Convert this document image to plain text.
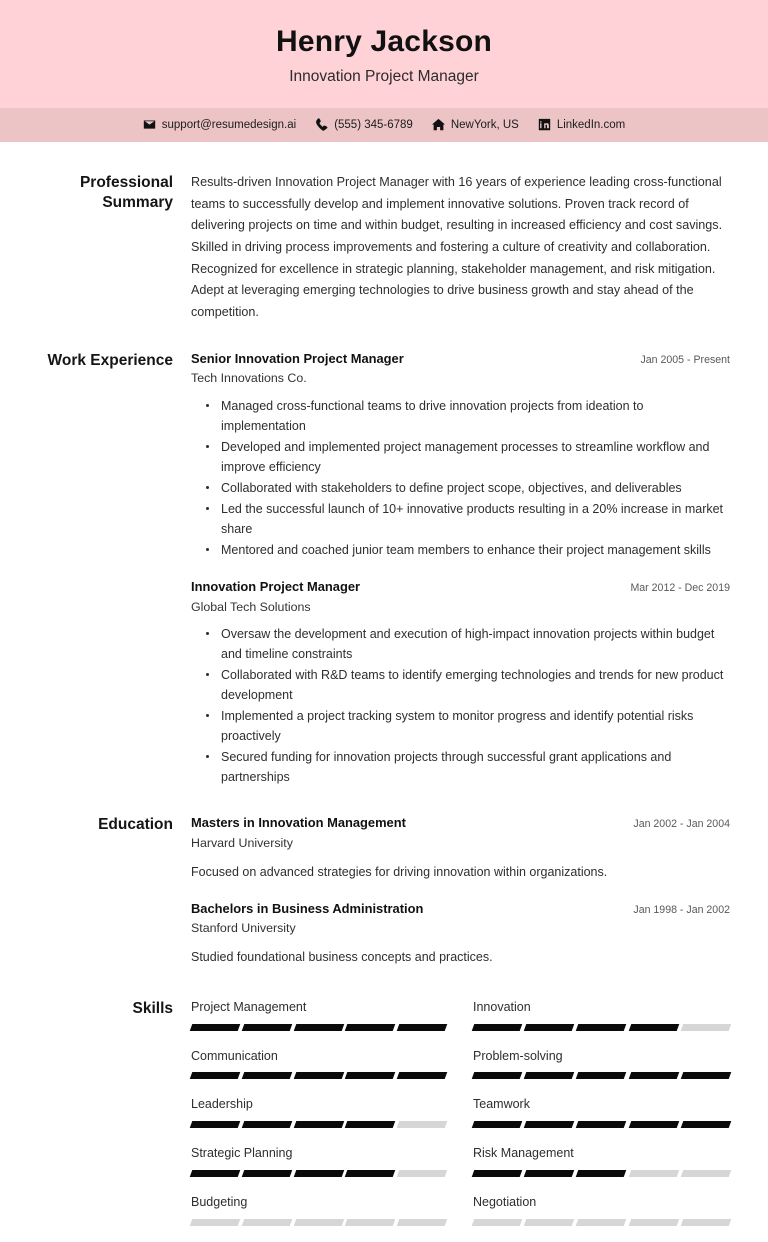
Henry Jackson
Innovation Project Manager
support@resumedesign.ai	(555) 345-6789	NewYork, US	LinkedIn.com
Professional Summary
Results-driven Innovation Project Manager with 16 years of experience leading cross-functional teams to successfully develop and implement innovative solutions. Proven track record of delivering projects on time and within budget, resulting in increased efficiency and cost savings. Skilled in driving process improvements and fostering a culture of creativity and collaboration. Recognized for excellence in strategic planning, stakeholder management, and risk mitigation. Adept at leveraging emerging technologies to drive business growth and stay ahead of the competition.
Work Experience Senior Innovation Project Manager	Jan 2005 - Present
Tech Innovations Co.
Managed cross-functional teams to drive innovation projects from ideation to implementation
Developed and implemented project management processes to streamline workflow and improve efficiency
Collaborated with stakeholders to define project scope, objectives, and deliverables
Led the successful launch of 10+ innovative products resulting in a 20% increase in market share
Mentored and coached junior team members to enhance their project management skills
Innovation Project Manager	Mar 2012 - Dec 2019
Global Tech Solutions
Oversaw the development and execution of high-impact innovation projects within budget and timeline constraints
Collaborated with R&D teams to identify emerging technologies and trends for new product development
Implemented a project tracking system to monitor progress and identify potential risks proactively
Secured funding for innovation projects through successful grant applications and partnerships
Education Masters in Innovation Management	Jan 2002 - Jan 2004
Harvard University
Focused on advanced strategies for driving innovation within organizations.
Bachelors in Business Administration	Jan 1998 - Jan 2002
Stanford University
Studied foundational business concepts and practices.
Skills Project Management	Innovation
Communication	Problem-solving
Leadership	Teamwork
Strategic Planning	Risk Management
Budgeting	Negotiation
